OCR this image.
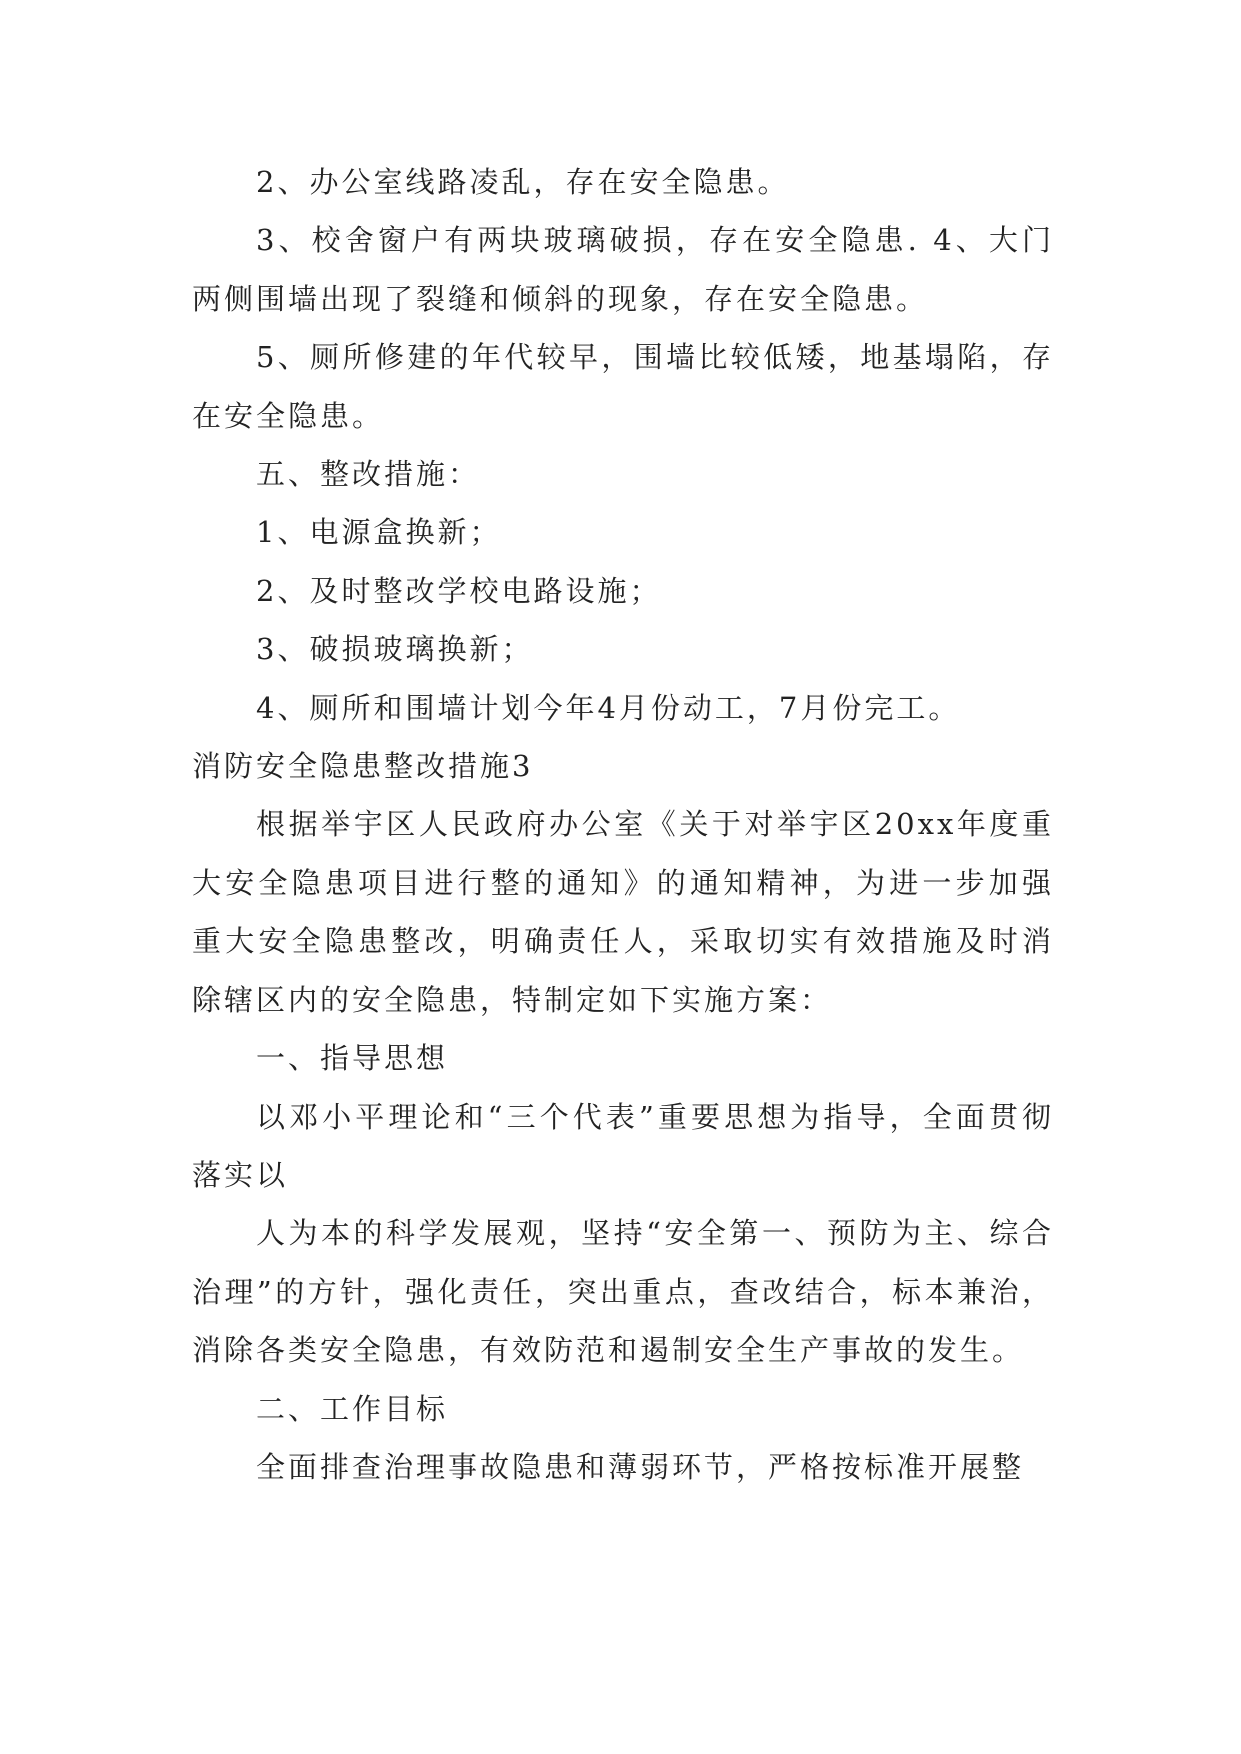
2、办公室线路凌乱，存在安全隐患。

3、校舍窗户有两块玻璃破损，存在安全隐患. 4、大门两侧围墙出现了裂缝和倾斜的现象，存在安全隐患。

5、厕所修建的年代较早，围墙比较低矮，地基塌陷，存在安全隐患。

五、整改措施：

1、电源盒换新；

2、及时整改学校电路设施；

3、破损玻璃换新；

4、厕所和围墙计划今年4月份动工，7月份完工。

消防安全隐患整改措施3

根据举宇区人民政府办公室《关于对举宇区20xx年度重大安全隐患项目进行整的通知》的通知精神，为进一步加强重大安全隐患整改，明确责任人，采取切实有效措施及时消除辖区内的安全隐患，特制定如下实施方案：

一、指导思想

以邓小平理论和“三个代表”重要思想为指导，全面贯彻落实以

人为本的科学发展观，坚持“安全第一、预防为主、综合治理”的方针，强化责任，突出重点，查改结合，标本兼治，消除各类安全隐患，有效防范和遏制安全生产事故的发生。

二、工作目标

全面排查治理事故隐患和薄弱环节，严格按标准开展整
